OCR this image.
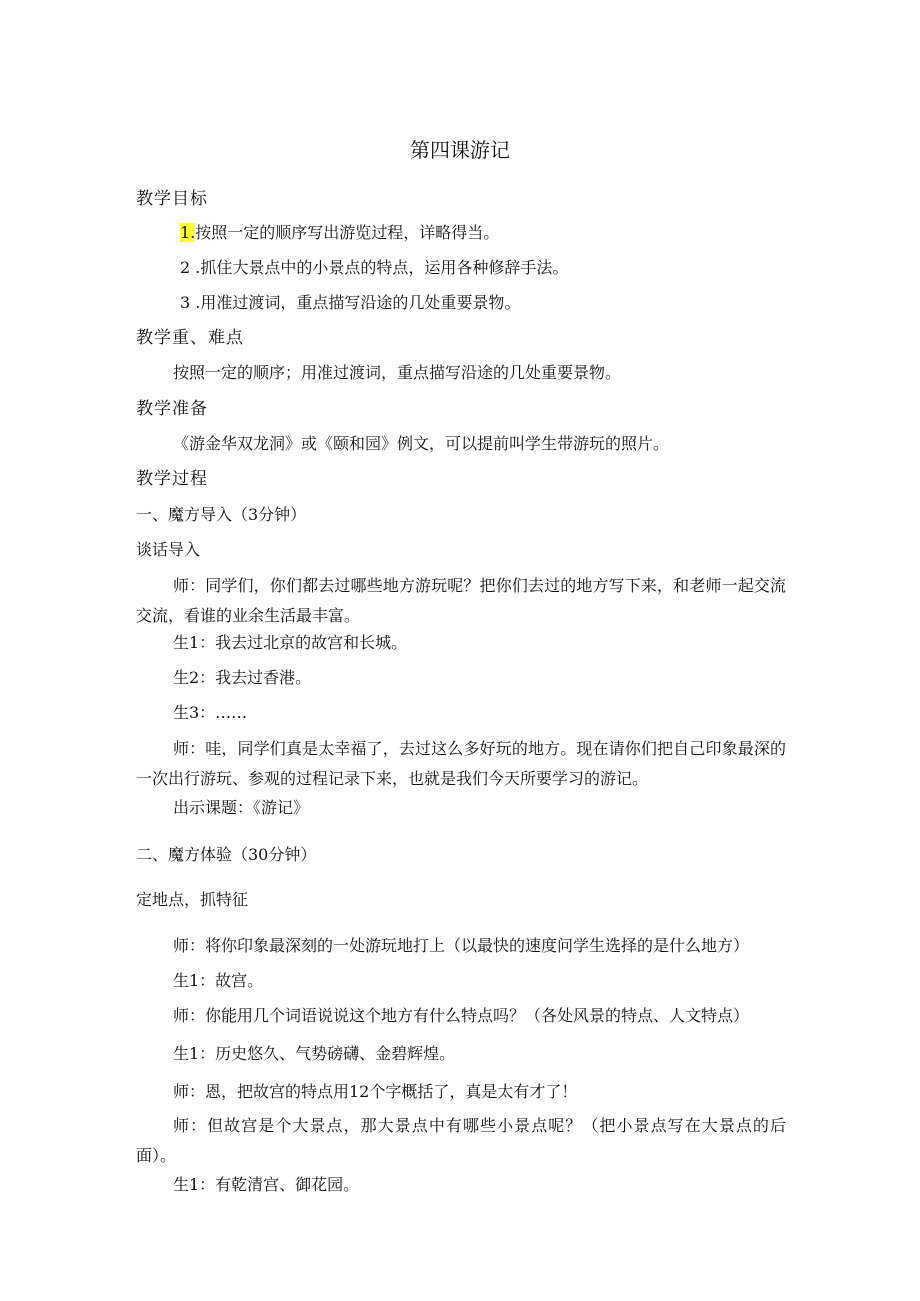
第四课游记
教学目标
1.按照一定的顺序写出游览过程，详略得当。
2 .抓住大景点中的小景点的特点，运用各种修辞手法。
3 .用准过渡词，重点描写沿途的几处重要景物。
教学重、难点
按照一定的顺序；用准过渡词，重点描写沿途的几处重要景物。
教学准备
《游金华双龙洞》或《颐和园》例文，可以提前叫学生带游玩的照片。
教学过程
一、魔方导入（3分钟）
谈话导入
师：同学们，你们都去过哪些地方游玩呢？把你们去过的地方写下来，和老师一起交流交流，看谁的业余生活最丰富。
生1：我去过北京的故宫和长城。
生2：我去过香港。
生3：……
师：哇，同学们真是太幸福了，去过这么多好玩的地方。现在请你们把自己印象最深的一次出行游玩、参观的过程记录下来，也就是我们今天所要学习的游记。
出示课题：《游记》
二、魔方体验（30分钟）
定地点，抓特征
师：将你印象最深刻的一处游玩地打上（以最快的速度问学生选择的是什么地方）
生1：故宫。
师：你能用几个词语说说这个地方有什么特点吗？（各处风景的特点、人文特点）
生1：历史悠久、气势磅礴、金碧辉煌。
师：恩，把故宫的特点用12个字概括了，真是太有才了！
师：但故宫是个大景点，那大景点中有哪些小景点呢？（把小景点写在大景点的后面）。
生1：有乾清宫、御花园。
